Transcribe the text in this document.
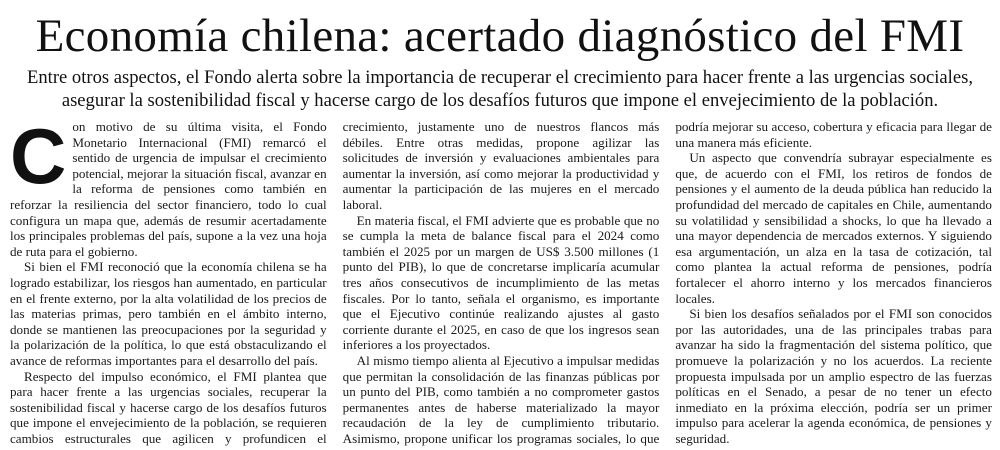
Economía chilena: acertado diagnóstico del FMI

Entre otros aspectos, el Fondo alerta sobre la importancia de recuperar el crecimiento para hacer frente a las urgencias sociales, asegurar la sostenibilidad fiscal y hacerse cargo de los desafíos futuros que impone el envejecimiento de la población.

Con motivo de su última visita, el Fondo Monetario Internacional (FMI) remarcó el sentido de urgencia de impulsar el crecimiento potencial, mejorar la situación fiscal, avanzar en la reforma de pensiones como también en reforzar la resiliencia del sector financiero, todo lo cual configura un mapa que, además de resumir acertadamente los principales problemas del país, supone a la vez una hoja de ruta para el gobierno.

Si bien el FMI reconoció que la economía chilena se ha logrado estabilizar, los riesgos han aumentado, en particular en el frente externo, por la alta volatilidad de los precios de las materias primas, pero también en el ámbito interno, donde se mantienen las preocupaciones por la seguridad y la polarización de la política, lo que está obstaculizando el avance de reformas importantes para el desarrollo del país.

Respecto del impulso económico, el FMI plantea que para hacer frente a las urgencias sociales, recuperar la sostenibilidad fiscal y hacerse cargo de los desafíos futuros que impone el envejecimiento de la población, se requieren cambios estructurales que agilicen y profundicen el crecimiento, justamente uno de nuestros flancos más débiles. Entre otras medidas, propone agilizar las solicitudes de inversión y evaluaciones ambientales para aumentar la inversión, así como mejorar la productividad y aumentar la participación de las mujeres en el mercado laboral.

En materia fiscal, el FMI advierte que es probable que no se cumpla la meta de balance fiscal para el 2024 como también el 2025 por un margen de US$ 3.500 millones (1 punto del PIB), lo que de concretarse implicaría acumular tres años consecutivos de incumplimiento de las metas fiscales. Por lo tanto, señala el organismo, es importante que el Ejecutivo continúe realizando ajustes al gasto corriente durante el 2025, en caso de que los ingresos sean inferiores a los proyectados.

Al mismo tiempo alienta al Ejecutivo a impulsar medidas que permitan la consolidación de las finanzas públicas por un punto del PIB, como también a no comprometer gastos permanentes antes de haberse materializado la mayor recaudación de la ley de cumplimiento tributario. Asimismo, propone unificar los programas sociales, lo que podría mejorar su acceso, cobertura y eficacia para llegar de una manera más eficiente.

Un aspecto que convendría subrayar especialmente es que, de acuerdo con el FMI, los retiros de fondos de pensiones y el aumento de la deuda pública han reducido la profundidad del mercado de capitales en Chile, aumentando su volatilidad y sensibilidad a shocks, lo que ha llevado a una mayor dependencia de mercados externos. Y siguiendo esa argumentación, un alza en la tasa de cotización, tal como plantea la actual reforma de pensiones, podría fortalecer el ahorro interno y los mercados financieros locales.

Si bien los desafíos señalados por el FMI son conocidos por las autoridades, una de las principales trabas para avanzar ha sido la fragmentación del sistema político, que promueve la polarización y no los acuerdos. La reciente propuesta impulsada por un amplio espectro de las fuerzas políticas en el Senado, a pesar de no tener un efecto inmediato en la próxima elección, podría ser un primer impulso para acelerar la agenda económica, de pensiones y seguridad.
